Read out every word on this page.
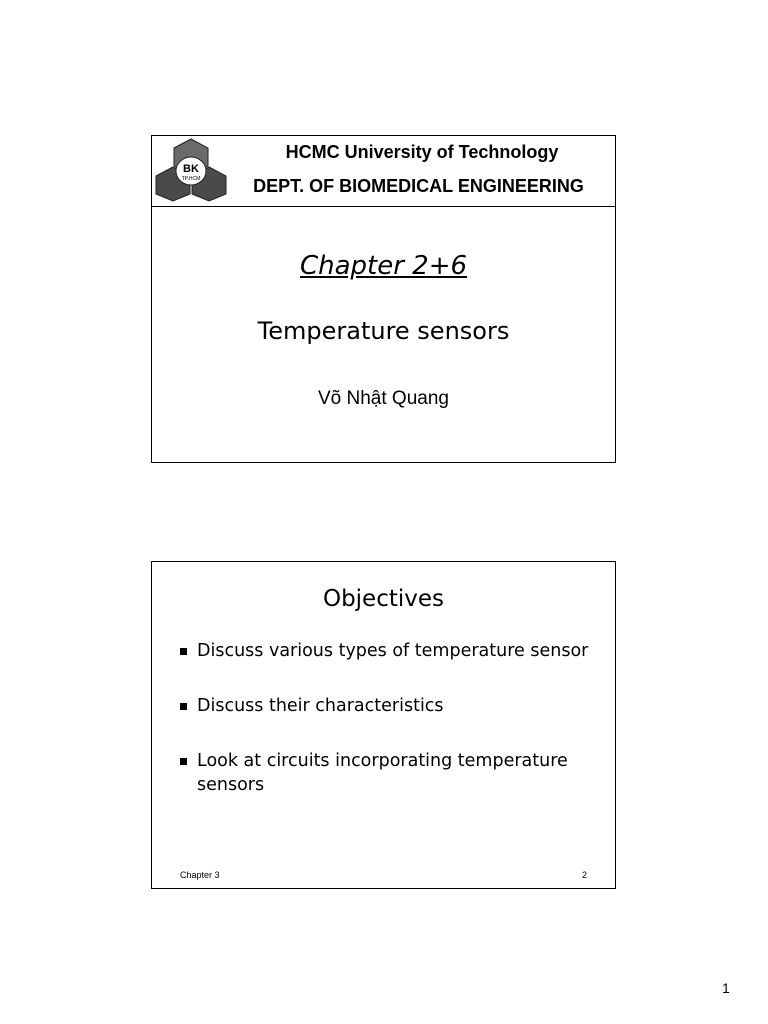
BK
TP.HCM
HCMC University of Technology
DEPT. OF BIOMEDICAL ENGINEERING
Chapter 2+6
Temperature sensors
Võ Nhật Quang
Objectives
Discuss various types of temperature sensor
Discuss their characteristics
Look at circuits incorporating temperature sensors
Chapter 3	2
1
